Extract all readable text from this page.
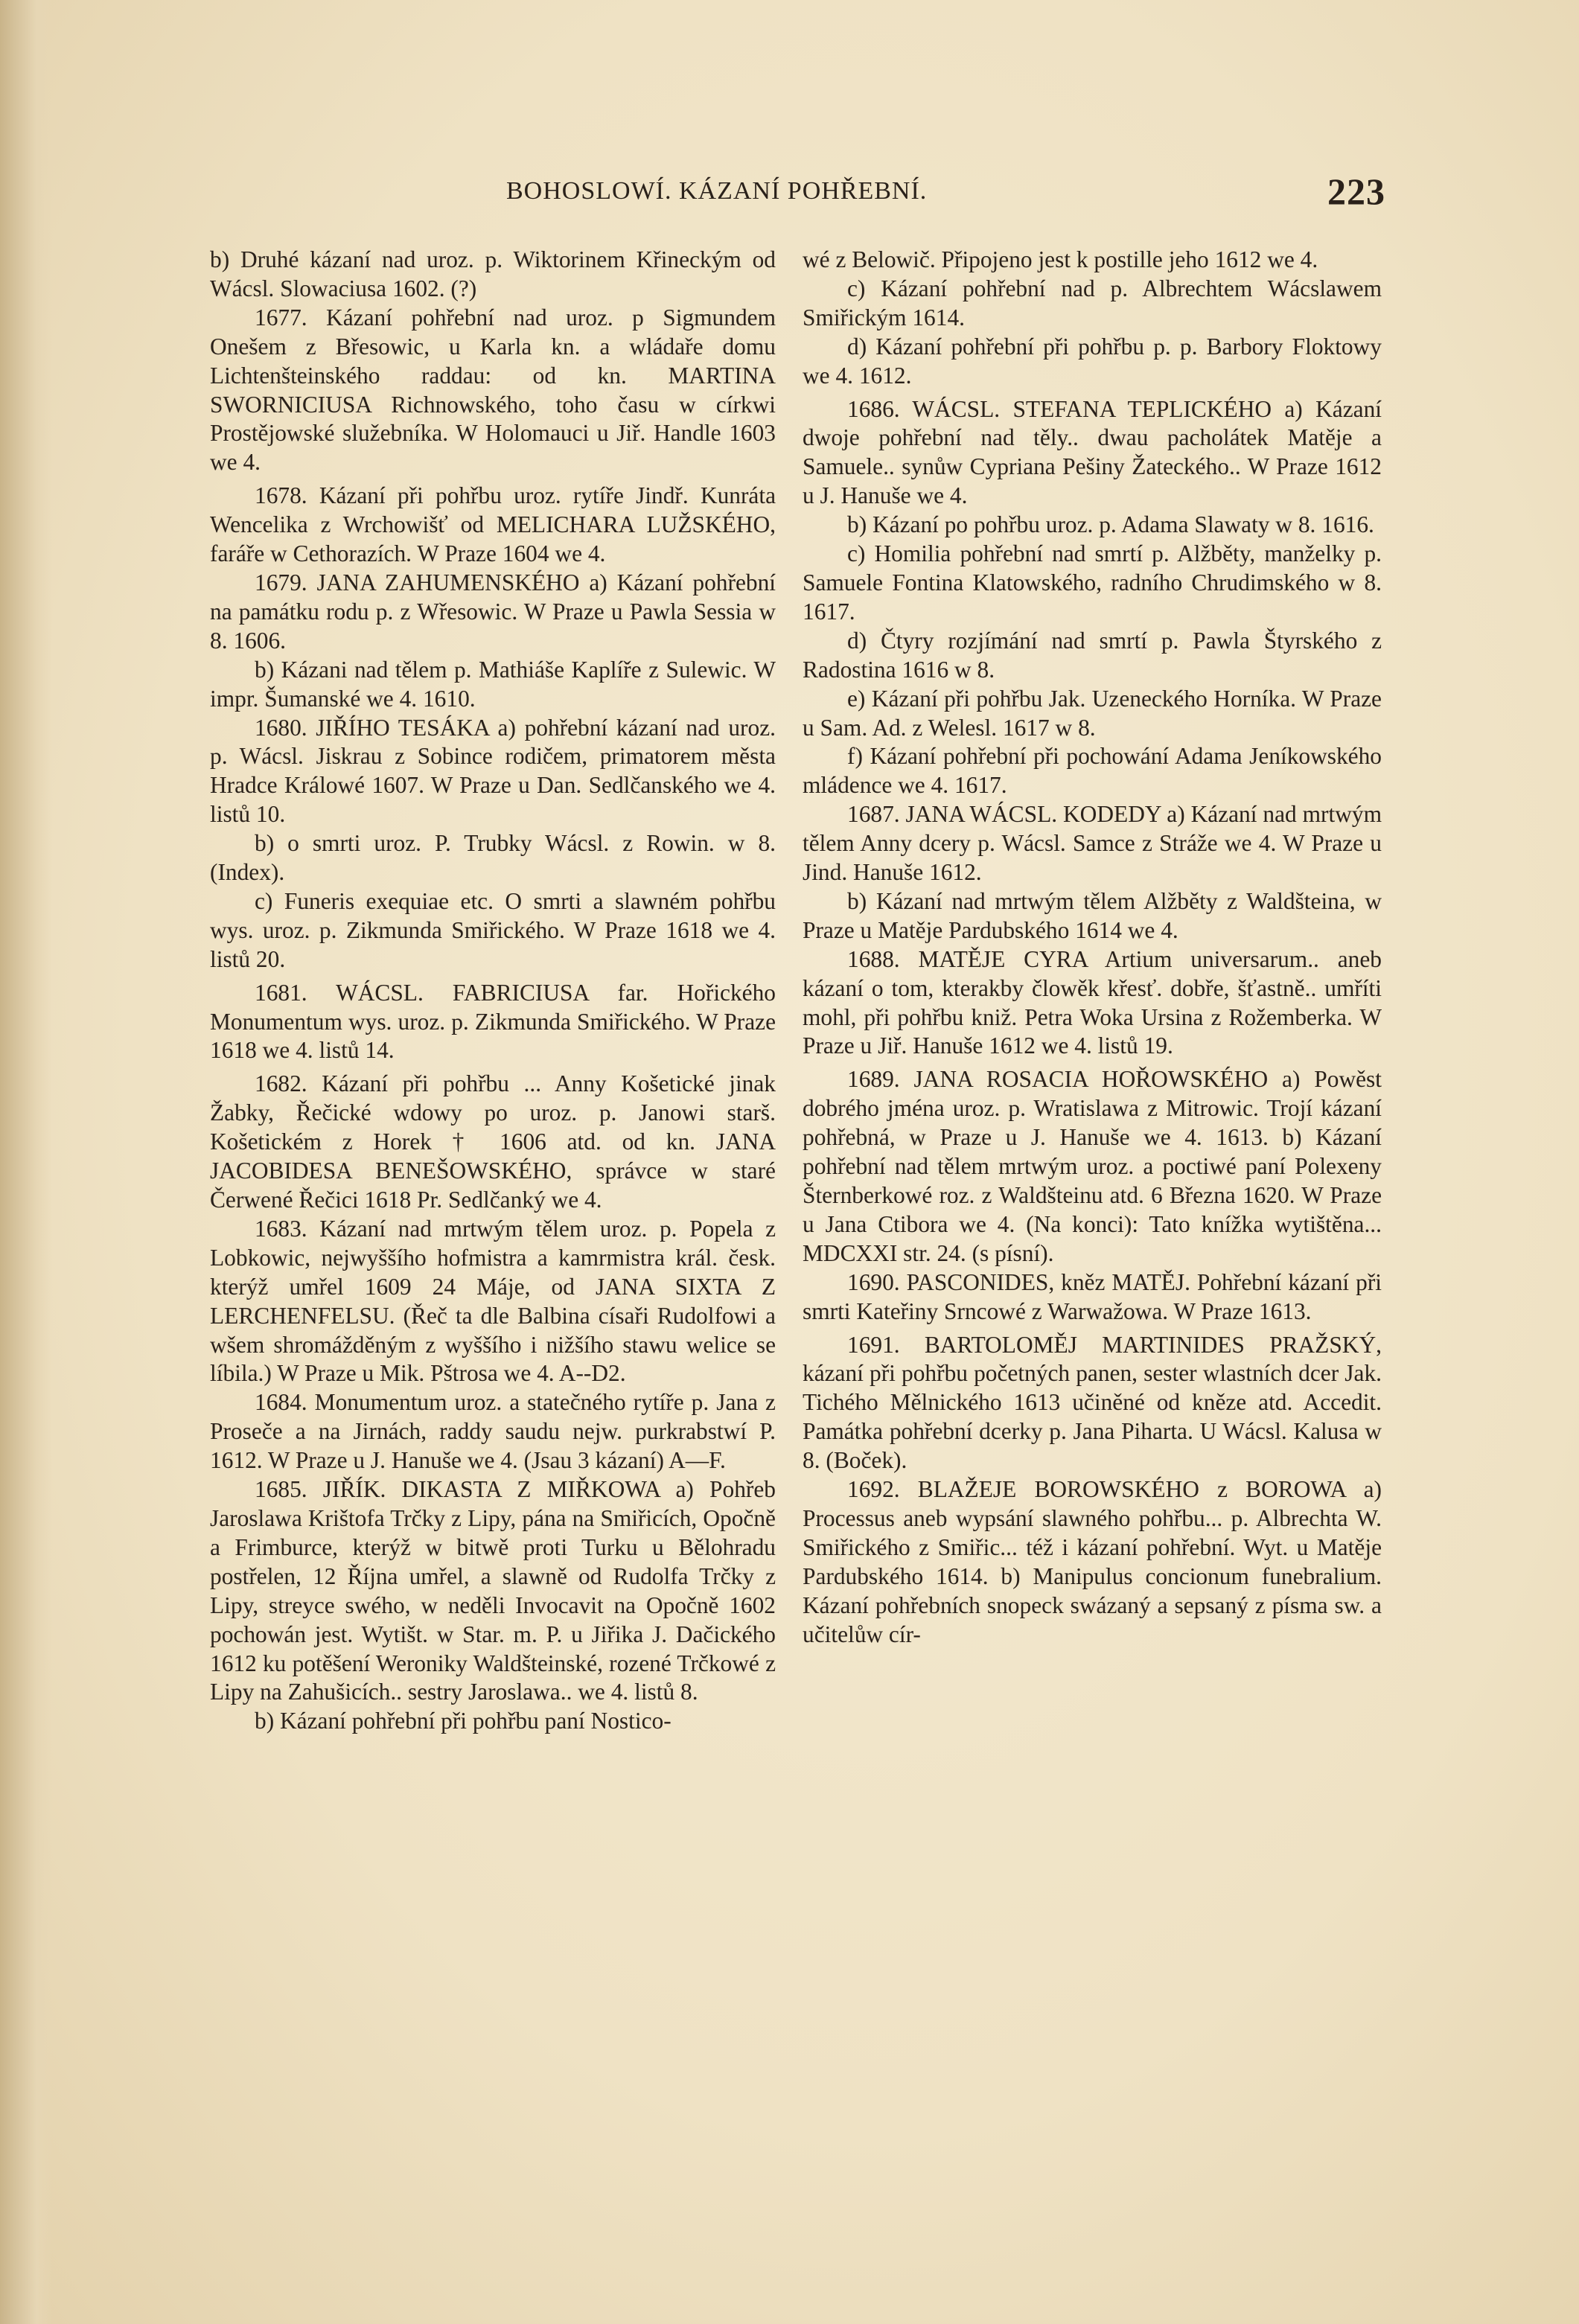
BOHOSLOWÍ. KÁZANÍ POHŘEBNÍ.	223

b) Druhé kázaní nad uroz. p. Wiktorinem Křineckým od Wácsl. Slowaciusa 1602. (?)

1677. Kázaní pohřební nad uroz. p Sigmundem Onešem z Břesowic, u Karla kn. a wládaře domu Lichtenšteinského raddau: od kn. MARTINA SWORNICIUSA Richnowského, toho času w církwi Prostějowské služebníka. W Holomauci u Jiř. Handle 1603 we 4.

1678. Kázaní při pohřbu uroz. rytíře Jindř. Kunráta Wencelika z Wrchowišť od MELICHARA LUŽSKÉHO, faráře w Cethorazích. W Praze 1604 we 4.

1679. JANA ZAHUMENSKÉHO a) Kázaní pohřební na památku rodu p. z Wřesowic. W Praze u Pawla Sessia w 8. 1606.

b) Kázani nad tělem p. Mathiáše Kaplíře z Sulewic. W impr. Šumanské we 4. 1610.

1680. JIŘÍHO TESÁKA a) pohřební kázaní nad uroz. p. Wácsl. Jiskrau z Sobince rodičem, primatorem města Hradce Králowé 1607. W Praze u Dan. Sedlčanského we 4. listů 10.

b) o smrti uroz. P. Trubky Wácsl. z Rowin. w 8. (Index).

c) Funeris exequiae etc. O smrti a slawném pohřbu wys. uroz. p. Zikmunda Smiřického. W Praze 1618 we 4. listů 20.

1681. WÁCSL. FABRICIUSA far. Hořického Monumentum wys. uroz. p. Zikmunda Smiřického. W Praze 1618 we 4. listů 14.

1682. Kázaní při pohřbu ... Anny Košetické jinak Žabky, Řečické wdowy po uroz. p. Janowi starš. Košetickém z Horek † 1606 atd. od kn. JANA JACOBIDESA BENEŠOWSKÉHO, správce w staré Čerwené Řečici 1618 Pr. Sedlčanký we 4.

1683. Kázaní nad mrtwým tělem uroz. p. Popela z Lobkowic, nejwyššího hofmistra a kamrmistra král. česk. kterýž umřel 1609 24 Máje, od JANA SIXTA Z LERCHENFELSU. (Řeč ta dle Balbina císaři Rudolfowi a wšem shromážděným z wyššího i nižšího stawu welice se líbila.) W Praze u Mik. Pštrosa we 4. A--D2.

1684. Monumentum uroz. a statečného rytíře p. Jana z Proseče a na Jirnách, raddy saudu nejw. purkrabstwí P. 1612. W Praze u J. Hanuše we 4. (Jsau 3 kázaní) A—F.

1685. JIŘÍK. DIKASTA Z MIŘKOWA a) Pohřeb Jaroslawa Krištofa Trčky z Lipy, pána na Smiřicích, Opočně a Frimburce, kterýž w bitwě proti Turku u Bělohradu postřelen, 12 Října umřel, a slawně od Rudolfa Trčky z Lipy, streyce swého, w neděli Invocavit na Opočně 1602 pochowán jest. Wytišt. w Star. m. P. u Jiřika J. Dačického 1612 ku potěšení Weroniky Waldšteinské, rozené Trčkowé z Lipy na Zahušicích.. sestry Jaroslawa.. we 4. listů 8.

b) Kázaní pohřební při pohřbu paní Nostico-

wé z Belowič. Připojeno jest k postille jeho 1612 we 4.

c) Kázaní pohřební nad p. Albrechtem Wácslawem Smiřickým 1614.

d) Kázaní pohřební při pohřbu p. p. Barbory Floktowy we 4. 1612.

1686. WÁCSL. STEFANA TEPLICKÉHO a) Kázaní dwoje pohřební nad těly.. dwau pacholátek Matěje a Samuele.. synůw Cypriana Pešiny Žateckého.. W Praze 1612 u J. Hanuše we 4.

b) Kázaní po pohřbu uroz. p. Adama Slawaty w 8. 1616.

c) Homilia pohřební nad smrtí p. Alžběty, manželky p. Samuele Fontina Klatowského, radního Chrudimského w 8. 1617.

d) Čtyry rozjímání nad smrtí p. Pawla Štyrského z Radostina 1616 w 8.

e) Kázaní při pohřbu Jak. Uzeneckého Horníka. W Praze u Sam. Ad. z Welesl. 1617 w 8.

f) Kázaní pohřební při pochowání Adama Jeníkowského mládence we 4. 1617.

1687. JANA WÁCSL. KODEDY a) Kázaní nad mrtwým tělem Anny dcery p. Wácsl. Samce z Stráže we 4. W Praze u Jind. Hanuše 1612.

b) Kázaní nad mrtwým tělem Alžběty z Waldšteina, w Praze u Matěje Pardubského 1614 we 4.

1688. MATĚJE CYRA Artium universarum.. aneb kázaní o tom, kterakby člowěk křesť. dobře, šťastně.. umříti mohl, při pohřbu kniž. Petra Woka Ursina z Rožemberka. W Praze u Jiř. Hanuše 1612 we 4. listů 19.

1689. JANA ROSACIA HOŘOWSKÉHO a) Powěst dobrého jména uroz. p. Wratislawa z Mitrowic. Trojí kázaní pohřebná, w Praze u J. Hanuše we 4. 1613. b) Kázaní pohřební nad tělem mrtwým uroz. a poctiwé paní Polexeny Šternberkowé roz. z Waldšteinu atd. 6 Března 1620. W Praze u Jana Ctibora we 4. (Na konci): Tato knížka wytištěna... MDCXXI str. 24. (s písní).

1690. PASCONIDES, kněz MATĚJ. Pohřební kázaní při smrti Kateřiny Srncowé z Warwažowa. W Praze 1613.

1691. BARTOLOMĚJ MARTINIDES PRAŽSKÝ, kázaní při pohřbu početných panen, sester wlastních dcer Jak. Tichého Mělnického 1613 učiněné od kněze atd. Accedit. Památka pohřební dcerky p. Jana Piharta. U Wácsl. Kalusa w 8. (Boček).

1692. BLAŽEJE BOROWSKÉHO z BOROWA a) Processus aneb wypsání slawného pohřbu... p. Albrechta W. Smiřického z Smiřic... též i kázaní pohřební. Wyt. u Matěje Pardubského 1614. b) Manipulus concionum funebralium. Kázaní pohřebních snopeck swázaný a sepsaný z písma sw. a učitelůw cír-
